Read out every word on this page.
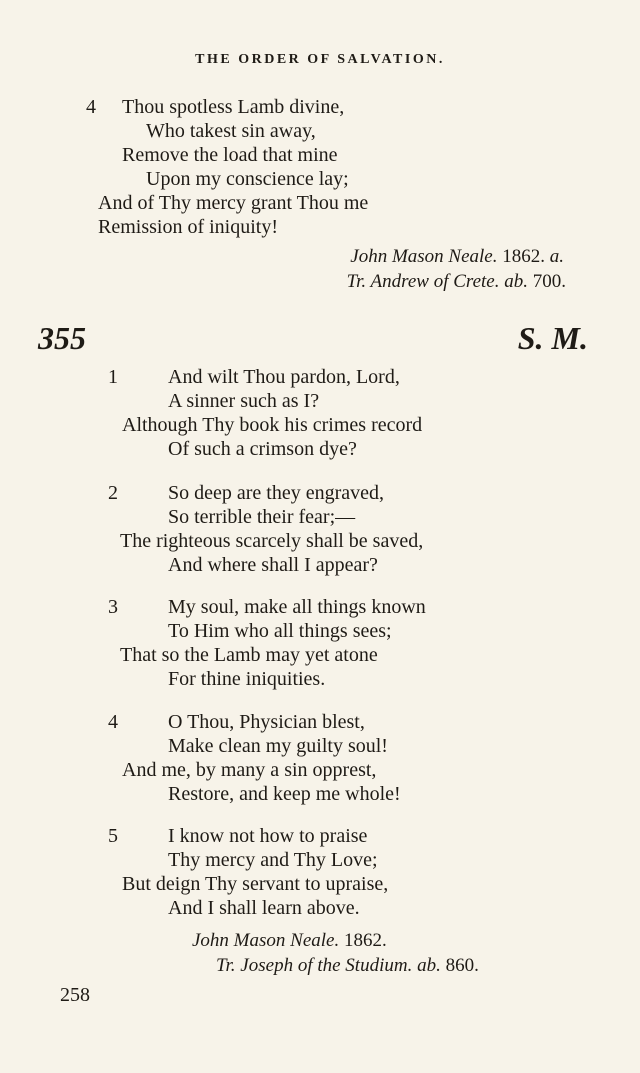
THE ORDER OF SALVATION.
4 Thou spotless Lamb divine,
Who takest sin away,
Remove the load that mine
Upon my conscience lay;
And of Thy mercy grant Thou me
Remission of iniquity!
John Mason Neale. 1862. a.
Tr. Andrew of Crete. ab. 700.
355	S. M.
1	And wilt Thou pardon, Lord,
A sinner such as I?
Although Thy book his crimes record
Of such a crimson dye?
2	So deep are they engraved,
So terrible their fear;—
The righteous scarcely shall be saved,
And where shall I appear?
3	My soul, make all things known
To Him who all things sees;
That so the Lamb may yet atone
For thine iniquities.
4	O Thou, Physician blest,
Make clean my guilty soul!
And me, by many a sin opprest,
Restore, and keep me whole!
5	I know not how to praise
Thy mercy and Thy Love;
But deign Thy servant to upraise,
And I shall learn above.
John Mason Neale. 1862.
Tr. Joseph of the Studium. ab. 860.
258
